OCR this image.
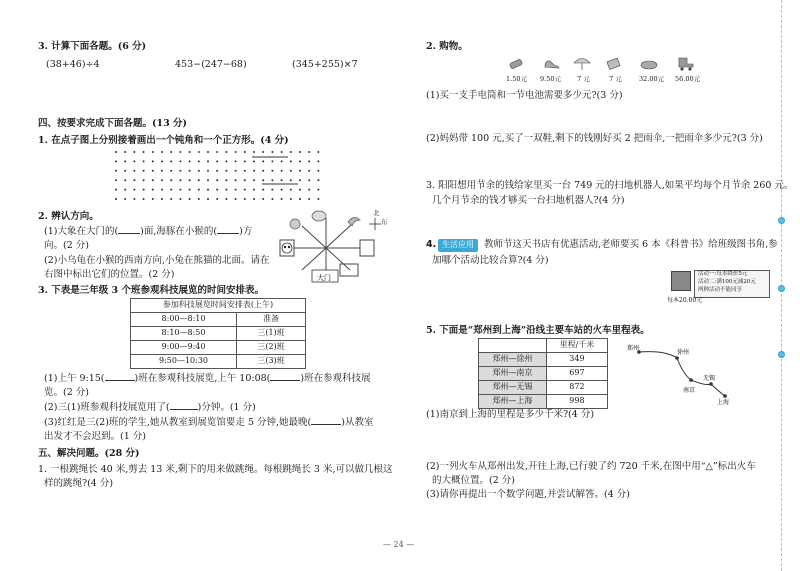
3. 计算下面各题。(6 分)
(38+46)÷4	453−(247−68)	(345+255)×7
四、按要求完成下面各题。(13 分)
1. 在点子图上分别接着画出一个钝角和一个正方形。(4 分)
2. 辨认方向。
(1)大象在大门的( )面,海豚在小猴的( )方
向。(2 分)
(2)小乌龟在小猴的西南方向,小兔在熊猫的北面。请在
右图中标出它们的位置。(2 分)	大门
北
东
3. 下表是三年级 3 个班参观科技展览的时间安排表。
参加科技展览时间安排表(上午)	
8:00—8:10	准备
8:10—8:50	三(1)班
9:00—9:40	三(2)班
9:50—10:30	三(3)班
(1)上午 9:15(	)班在参观科技展览,上午 10:08(	)班在参观科技展
览。(2 分)
(2)三(1)班参观科技展览用了(	)分钟。(1 分)
(3)红红是三(2)班的学生,她从教室到展览馆要走 5 分钟,她最晚(	)从教室
出发才不会迟到。(1 分)
五、解决问题。(28 分)
1. 一根跳绳长 40 米,剪去 13 米,剩下的用来做跳绳。每根跳绳长 3 米,可以做几根这
样的跳绳?(4 分)
2. 购物。
1.50元 9.50元 7 元	7 元	32.00元 56.00元
(1)买一支手电筒和一节电池需要多少元?(3 分)
(2)妈妈带 100 元,买了一双鞋,剩下的钱刚好买 2 把雨伞,一把雨伞多少元?(3 分)
3. 阳阳想用节余的钱给家里买一台 749 元的扫地机器人,如果平均每个月节余 260 元。
几个月节余的钱才够买一台扫地机器人?(4 分)
4. 生活应用	教师节这天书店有优惠活动,老师要买 6 本《科普书》给班级图书角,参
加哪个活动比较合算?(4 分)
活动一:每本降价5元
活动二:满100元减20元
两种活动不能同享
每本20.00元
5. 下面是“郑州到上海”沿线主要车站的火车里程表。
	里程/千米
郑州—徐州	349
郑州—南京	697
郑州—无锡	872
郑州—上海	998
郑州
徐州
无锡
南京
上海
(1)南京到上海的里程是多少千米?(4 分)
(2)一列火车从郑州出发,开往上海,已行驶了约 720 千米,在图中用“△”标出火车
的大概位置。(2 分)
(3)请你再提出一个数学问题,并尝试解答。(4 分)
— 24 —
